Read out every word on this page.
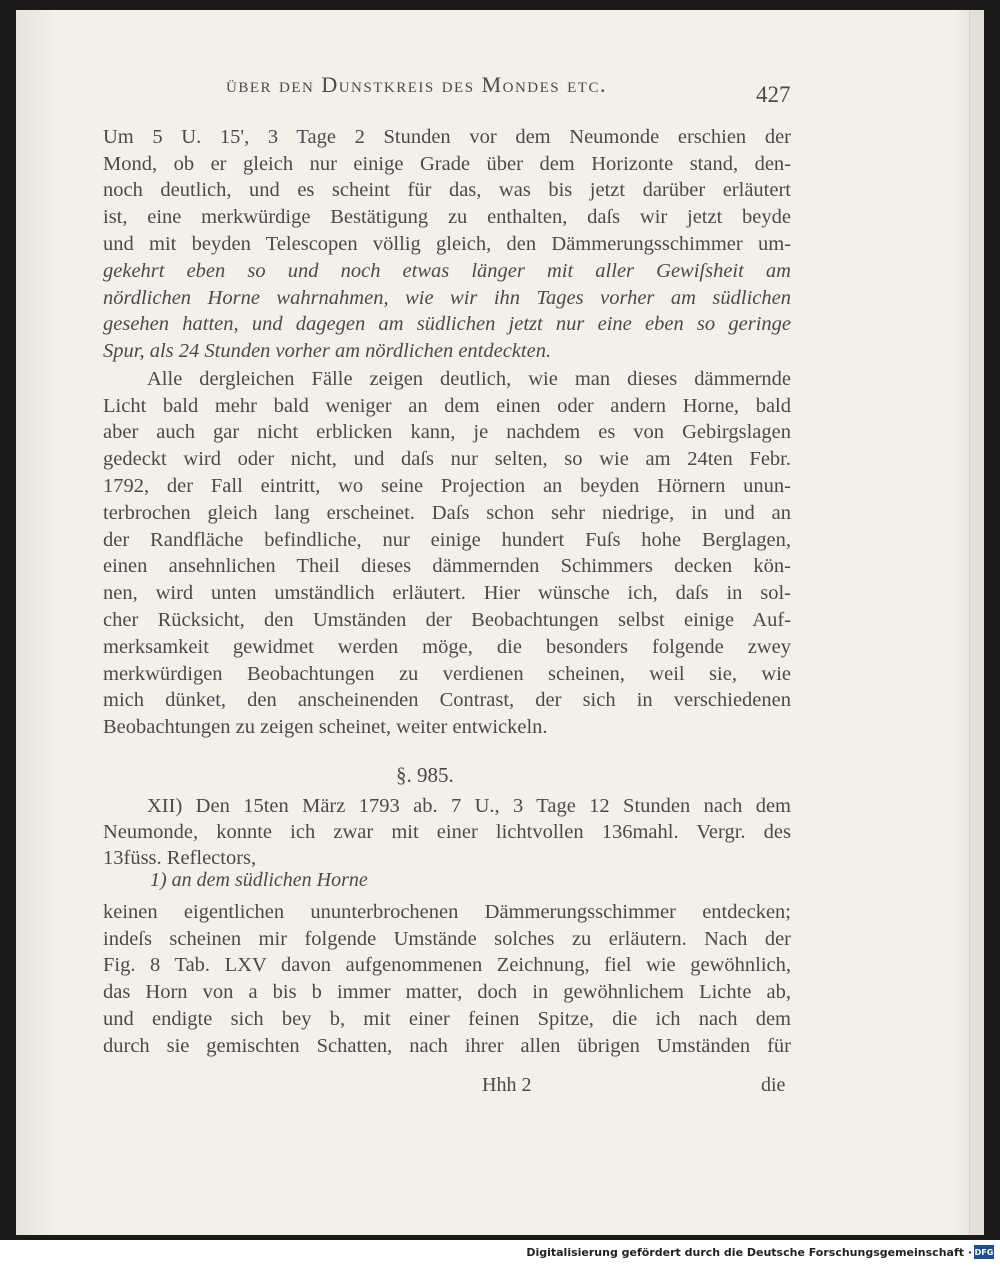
über den Dunstkreis des Mondes etc.	427
Um 5 U. 15', 3 Tage 2 Stunden vor dem Neumonde erschien der
Mond, ob er gleich nur einige Grade über dem Horizonte stand, den-
noch deutlich, und es scheint für das, was bis jetzt darüber erläutert
ist, eine merkwürdige Bestätigung zu enthalten, daſs wir jetzt beyde
und mit beyden Telescopen völlig gleich, den Dämmerungsschimmer um-
gekehrt eben so und noch etwas länger mit aller Gewiſsheit am
nördlichen Horne wahrnahmen, wie wir ihn Tages vorher am südlichen
gesehen hatten, und dagegen am südlichen jetzt nur eine eben so geringe
Spur, als 24 Stunden vorher am nördlichen entdeckten.
Alle dergleichen Fälle zeigen deutlich, wie man dieses dämmernde
Licht bald mehr bald weniger an dem einen oder andern Horne, bald
aber auch gar nicht erblicken kann, je nachdem es von Gebirgslagen
gedeckt wird oder nicht, und daſs nur selten, so wie am 24ten Febr.
1792, der Fall eintritt, wo seine Projection an beyden Hörnern unun-
terbrochen gleich lang erscheinet. Daſs schon sehr niedrige, in und an
der Randfläche befindliche, nur einige hundert Fuſs hohe Berglagen,
einen ansehnlichen Theil dieses dämmernden Schimmers decken kön-
nen, wird unten umständlich erläutert. Hier wünsche ich, daſs in sol-
cher Rücksicht, den Umständen der Beobachtungen selbst einige Auf-
merksamkeit gewidmet werden möge, die besonders folgende zwey
merkwürdigen Beobachtungen zu verdienen scheinen, weil sie, wie
mich dünket, den anscheinenden Contrast, der sich in verschiedenen
Beobachtungen zu zeigen scheinet, weiter entwickeln.
§. 985.
XII) Den 15ten März 1793 ab. 7 U., 3 Tage 12 Stunden nach dem
Neumonde, konnte ich zwar mit einer lichtvollen 136mahl. Vergr. des
13füss. Reflectors,
1) an dem südlichen Horne
keinen eigentlichen ununterbrochenen Dämmerungsschimmer entdecken;
indeſs scheinen mir folgende Umstände solches zu erläutern. Nach der
Fig. 8 Tab. LXV davon aufgenommenen Zeichnung, fiel wie gewöhnlich,
das Horn von a bis b immer matter, doch in gewöhnlichem Lichte ab,
und endigte sich bey b, mit einer feinen Spitze, die ich nach dem
durch sie gemischten Schatten, nach ihrer allen übrigen Umständen für
Hhh 2	die
Digitalisierung gefördert durch die Deutsche Forschungsgemeinschaft · DFG
